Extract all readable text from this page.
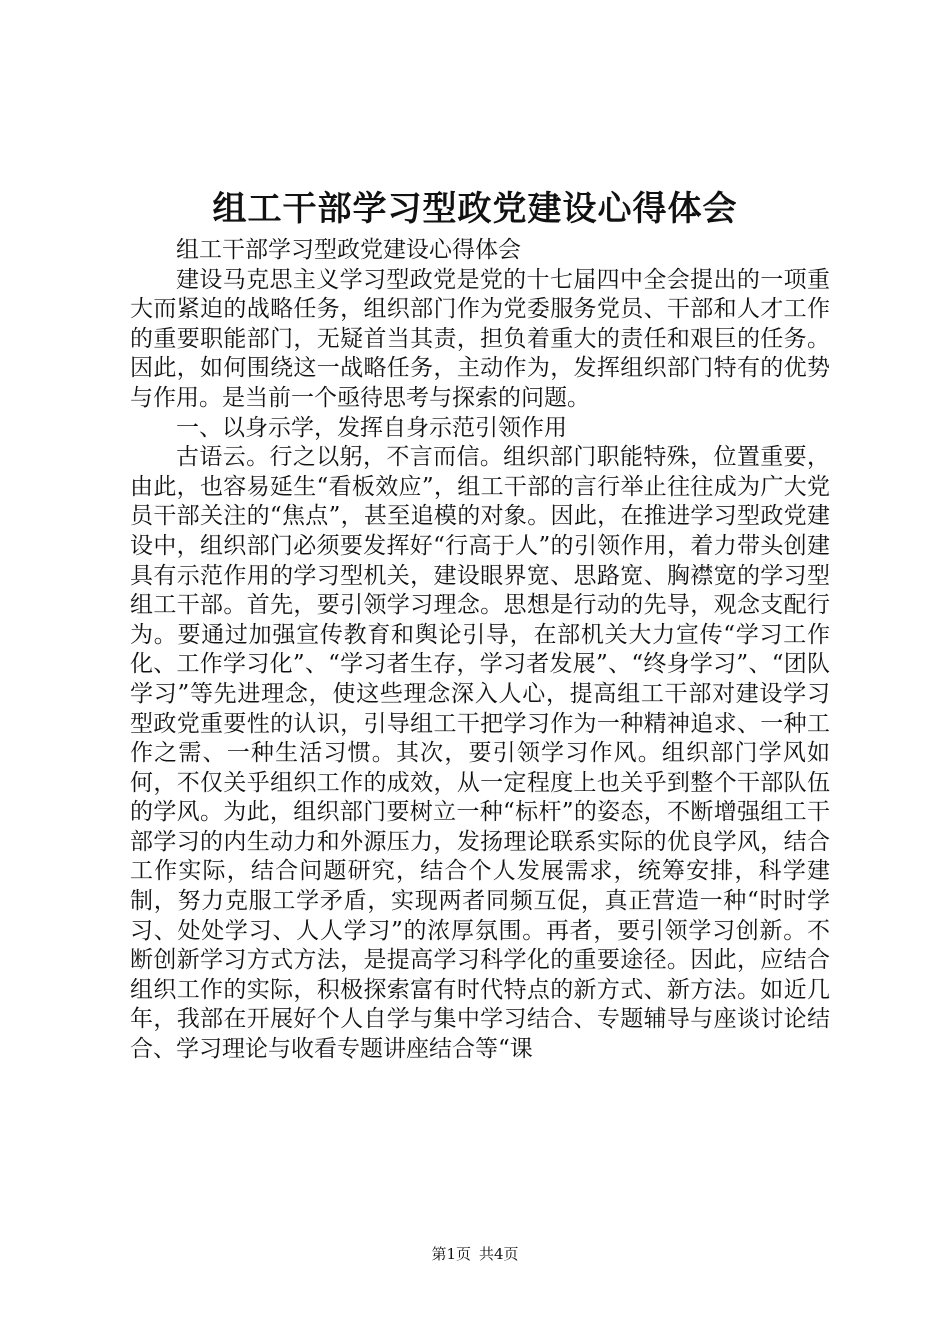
组工干部学习型政党建设心得体会

组工干部学习型政党建设心得体会

建设马克思主义学习型政党是党的十七届四中全会提出的一项重大而紧迫的战略任务，组织部门作为党委服务党员、干部和人才工作的重要职能部门，无疑首当其责，担负着重大的责任和艰巨的任务。因此，如何围绕这一战略任务，主动作为，发挥组织部门特有的优势与作用。是当前一个亟待思考与探索的问题。

一、以身示学，发挥自身示范引领作用

古语云。行之以躬，不言而信。组织部门职能特殊，位置重要，由此，也容易延生“看板效应”，组工干部的言行举止往往成为广大党员干部关注的“焦点”，甚至追模的对象。因此，在推进学习型政党建设中，组织部门必须要发挥好“行高于人”的引领作用，着力带头创建具有示范作用的学习型机关，建设眼界宽、思路宽、胸襟宽的学习型组工干部。首先，要引领学习理念。思想是行动的先导，观念支配行为。要通过加强宣传教育和舆论引导，在部机关大力宣传“学习工作化、工作学习化”、“学习者生存，学习者发展”、“终身学习”、“团队学习”等先进理念，使这些理念深入人心，提高组工干部对建设学习型政党重要性的认识，引导组工干把学习作为一种精神追求、一种工作之需、一种生活习惯。其次，要引领学习作风。组织部门学风如何，不仅关乎组织工作的成效，从一定程度上也关乎到整个干部队伍的学风。为此，组织部门要树立一种“标杆”的姿态，不断增强组工干部学习的内生动力和外源压力，发扬理论联系实际的优良学风，结合工作实际，结合问题研究，结合个人发展需求，统筹安排，科学建制，努力克服工学矛盾，实现两者同频互促，真正营造一种“时时学习、处处学习、人人学习”的浓厚氛围。再者，要引领学习创新。不断创新学习方式方法，是提高学习科学化的重要途径。因此，应结合组织工作的实际，积极探索富有时代特点的新方式、新方法。如近几年，我部在开展好个人自学与集中学习结合、专题辅导与座谈讨论结合、学习理论与收看专题讲座结合等“课

第1页 共4页
